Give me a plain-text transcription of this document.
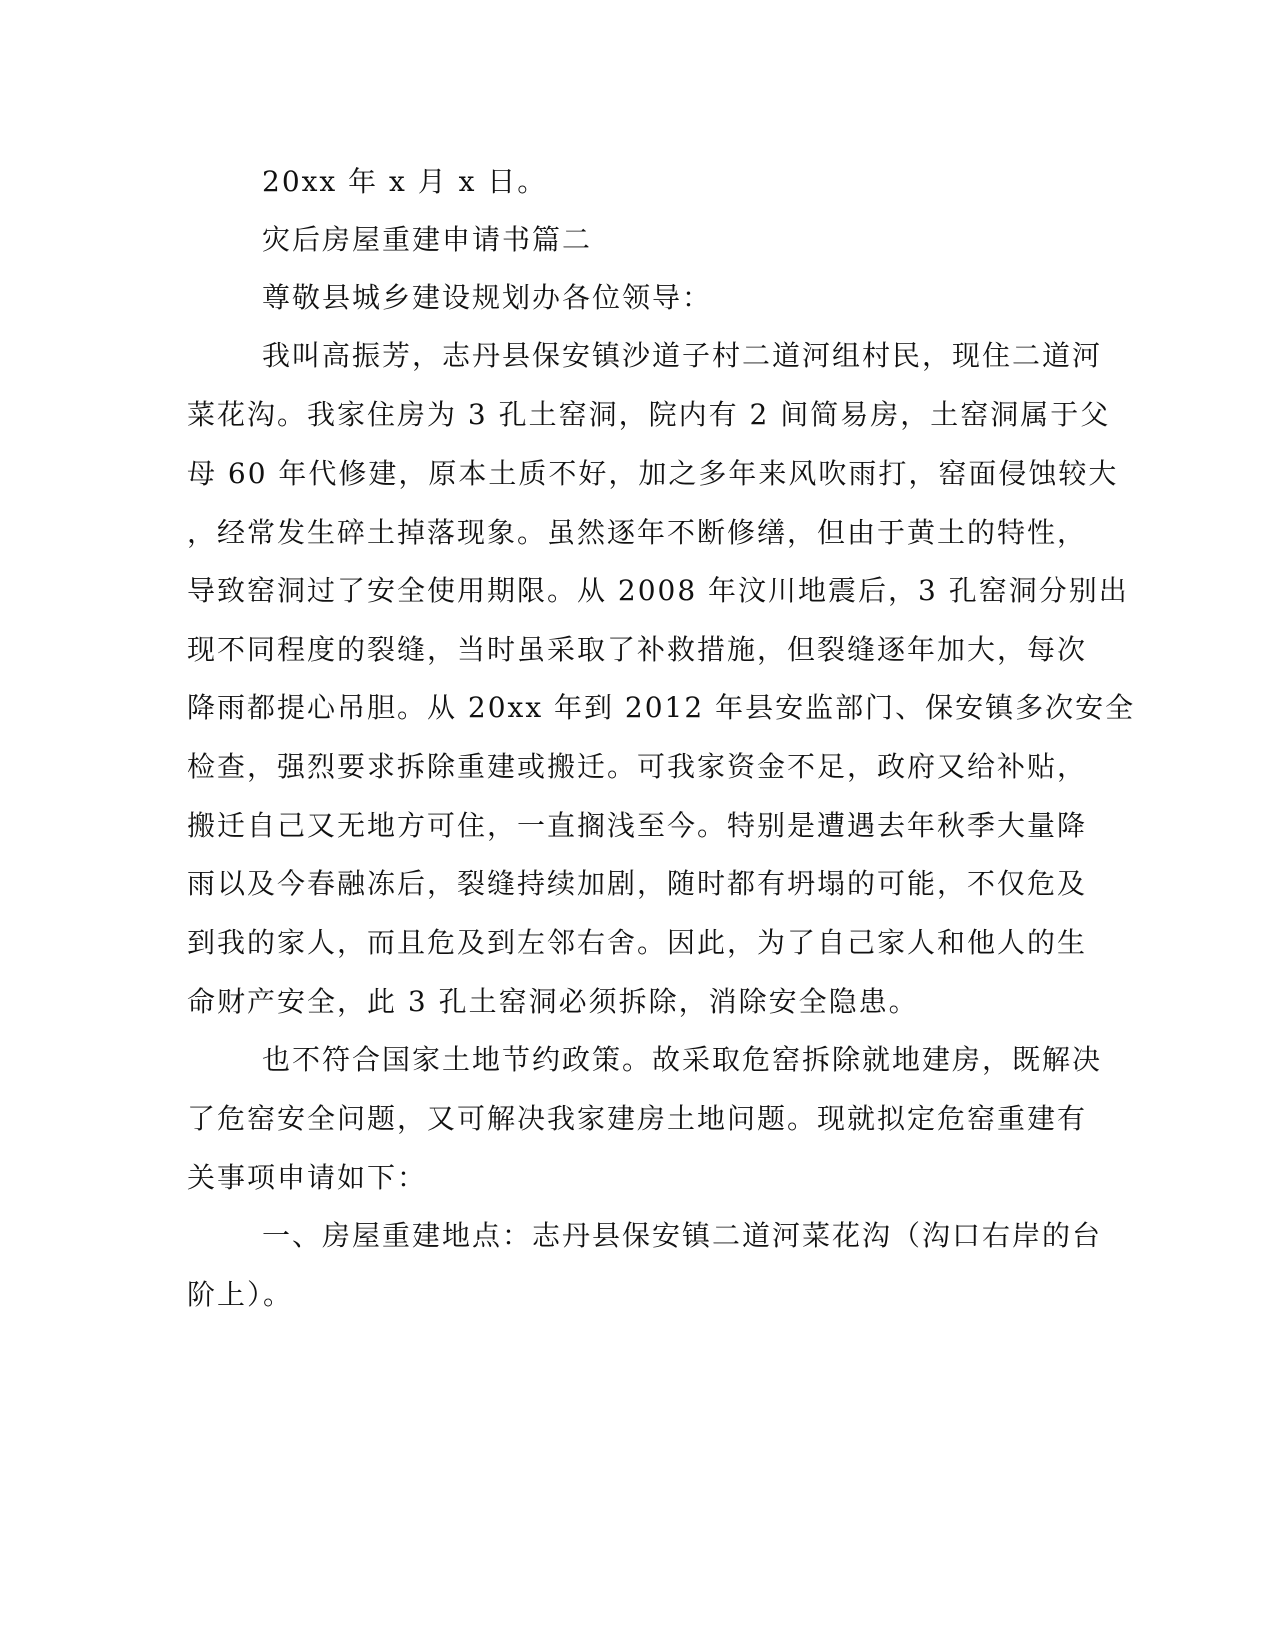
20xx 年 x 月 x 日。
灾后房屋重建申请书篇二
尊敬县城乡建设规划办各位领导：
我叫高振芳，志丹县保安镇沙道子村二道河组村民，现住二道河
菜花沟。我家住房为 3 孔土窑洞，院内有 2 间简易房，土窑洞属于父
母 60 年代修建，原本土质不好，加之多年来风吹雨打，窑面侵蚀较大
，经常发生碎土掉落现象。虽然逐年不断修缮，但由于黄土的特性，
导致窑洞过了安全使用期限。从 2008 年汶川地震后，3 孔窑洞分别出
现不同程度的裂缝，当时虽采取了补救措施，但裂缝逐年加大，每次
降雨都提心吊胆。从 20xx 年到 2012 年县安监部门、保安镇多次安全
检查，强烈要求拆除重建或搬迁。可我家资金不足，政府又给补贴，
搬迁自己又无地方可住，一直搁浅至今。特别是遭遇去年秋季大量降
雨以及今春融冻后，裂缝持续加剧，随时都有坍塌的可能，不仅危及
到我的家人，而且危及到左邻右舍。因此，为了自己家人和他人的生
命财产安全，此 3 孔土窑洞必须拆除，消除安全隐患。
也不符合国家土地节约政策。故采取危窑拆除就地建房，既解决
了危窑安全问题，又可解决我家建房土地问题。现就拟定危窑重建有
关事项申请如下：
一、房屋重建地点：志丹县保安镇二道河菜花沟（沟口右岸的台
阶上）。
